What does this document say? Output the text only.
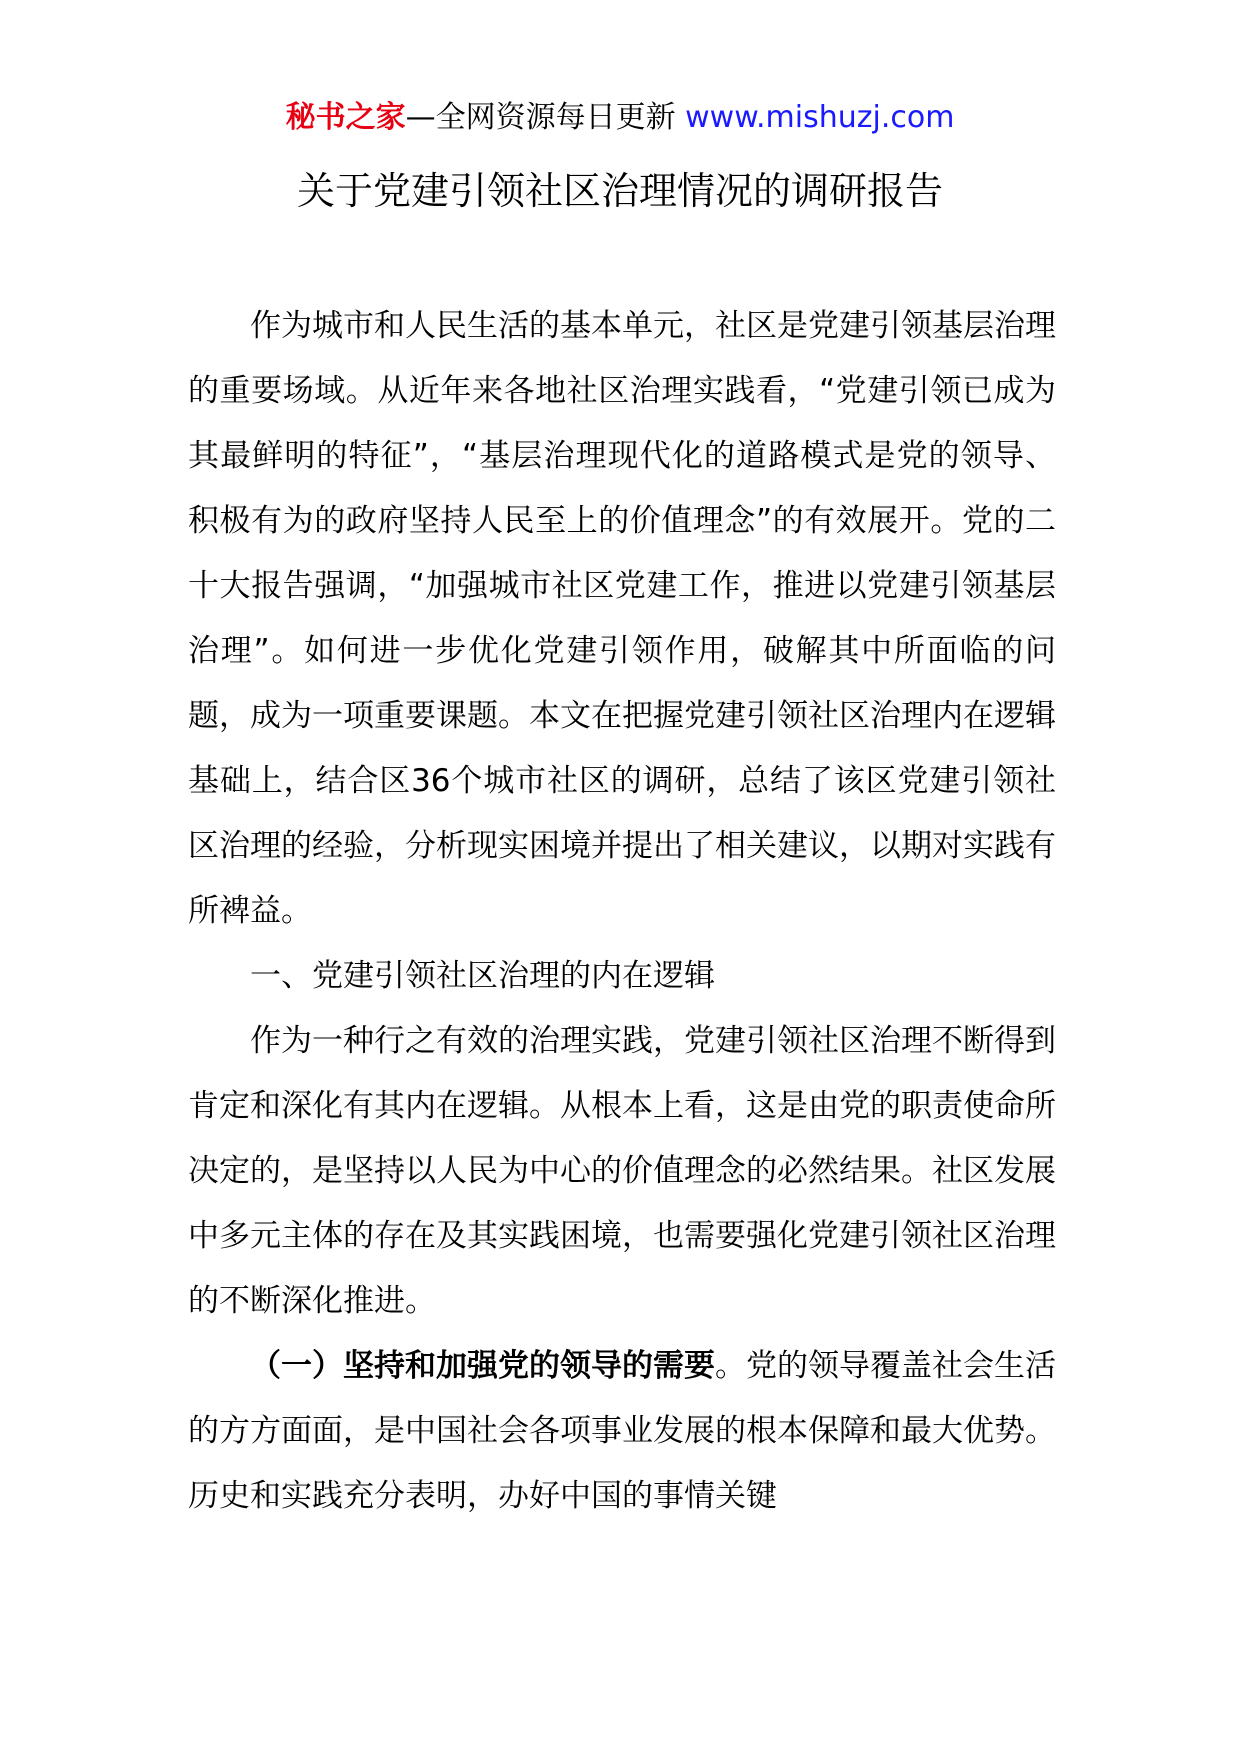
秘书之家—全网资源每日更新 www.mishuzj.com
关于党建引领社区治理情况的调研报告

作为城市和人民生活的基本单元，社区是党建引领基层治理的重要场域。从近年来各地社区治理实践看，“党建引领已成为其最鲜明的特征”，“基层治理现代化的道路模式是党的领导、积极有为的政府坚持人民至上的价值理念”的有效展开。党的二十大报告强调，“加强城市社区党建工作，推进以党建引领基层治理”。如何进一步优化党建引领作用，破解其中所面临的问题，成为一项重要课题。本文在把握党建引领社区治理内在逻辑基础上，结合区36个城市社区的调研，总结了该区党建引领社区治理的经验，分析现实困境并提出了相关建议，以期对实践有所裨益。

一、党建引领社区治理的内在逻辑

作为一种行之有效的治理实践，党建引领社区治理不断得到肯定和深化有其内在逻辑。从根本上看，这是由党的职责使命所决定的，是坚持以人民为中心的价值理念的必然结果。社区发展中多元主体的存在及其实践困境，也需要强化党建引领社区治理的不断深化推进。

（一）坚持和加强党的领导的需要。党的领导覆盖社会生活的方方面面，是中国社会各项事业发展的根本保障和最大优势。历史和实践充分表明，办好中国的事情关键
